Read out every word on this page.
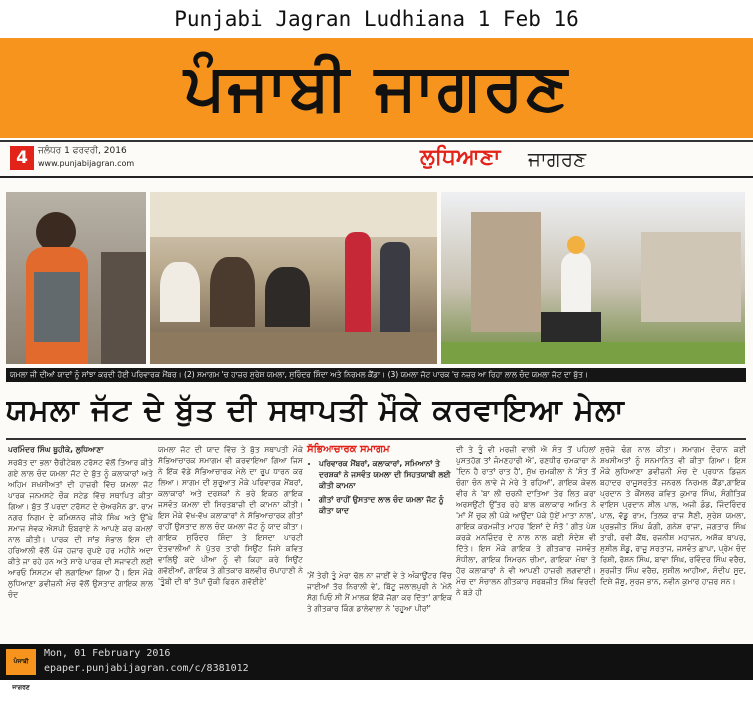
Punjabi Jagran Ludhiana 1 Feb 16
ਪੰਜਾਬੀ ਜਾਗਰਣ
4	ਜਲੰਧਰ 1 ਫਰਵਰੀ, 2016
www.punjabijagran.com	ਲੁਧਿਆਣਾ ਜਾਗਰਣ
ਯਮਲਾ ਜੀ ਦੀਆਂ ਯਾਦਾਂ ਨੂੰ ਸਾਂਝਾ ਕਰਦੀ ਹੋਈ ਪਰਿਵਾਰਕ ਮੈਂਬਰ। (2) ਸਮਾਗਮ 'ਚ ਹਾਜ਼ਰ ਸੁਰੇਸ਼ ਯਮਲਾ, ਸੁਰਿੰਦਰ ਸ਼ਿੰਦਾ ਅਤੇ ਨਿਰਮਲ ਕੈਂਡਾ। (3) ਯਮਲਾ ਜੱਟ ਪਾਰਕ 'ਚ ਨਜ਼ਰ ਆ ਰਿਹਾ ਲਾਲ ਚੰਦ ਯਮਲਾ ਜੱਟ ਦਾ ਬੁੱਤ।
ਯਮਲਾ ਜੱਟ ਦੇ ਬੁੱਤ ਦੀ ਸਥਾਪਤੀ ਮੌਕੇ ਕਰਵਾਇਆ ਮੇਲਾ
ਪਰਮਿੰਦਰ ਸਿੰਘ ਥੂਹੀਕੇ, ਲੁਧਿਆਣਾ
ਸਰਬੱਤ ਦਾ ਭਲਾ ਚੈਰੀਟੇਬਲ ਟਰੱਸਟ ਵੱਲੋਂ ਤਿਆਰ ਕੀਤੇ ਗਏ ਲਾਲ ਚੰਦ ਯਮਲਾ ਜੱਟ ਦੇ ਬੁੱਤ ਨੂੰ ਕਲਾਕਾਰਾਂ ਅਤੇ ਅਹਿਮ ਸ਼ਖਸੀਅਤਾਂ ਦੀ ਹਾਜ਼ਰੀ ਵਿੱਚ ਯਮਲਾ ਜੱਟ ਪਾਰਕ ਜਨਮਸਟੇ ਚੌਕ ਸਟੇਡ ਵਿੱਚ ਸਥਾਪਿਤ ਕੀਤਾ ਗਿਆ। ਬੁੱਤ ਤੋਂ ਪਰਦਾ ਟਰੱਸਟ ਦੇ ਚੇਅਰਮੈਨ ਡਾ. ਰਾਮ ਨਗਰ ਨਿਗਮ ਦੇ ਕਮਿਸ਼ਨਰ ਜੀਕੇ ਸਿੰਘ ਅਤੇ ਉੱਘੇ ਸਮਾਜ ਸੇਵਕ ਐਸਪੀ ਓਬਰਾਏ ਨੇ ਆਪਣੇ ਕਰ ਕਮਲਾਂ ਨਾਲ ਕੀਤੀ। ਪਾਰਕ ਦੀ ਸਾਂਭ ਸੰਭਾਲ ਇਸ ਦੀ ਹਰਿਆਲੀ ਵੱਲੋਂ ਪੰਜ ਹਜ਼ਾਰ ਰੁਪਏ ਹਰ ਮਹੀਨੇ ਅਦਾ ਕੀਤੇ ਜਾ ਰਹੇ ਹਨ ਅਤੇ ਸਾਰੇ ਪਾਰਕ ਦੀ ਸਜਾਵਟੀ ਲਈ ਆਰਓ ਸਿਸਟਮ ਵੀ ਲਗਾਇਆ ਗਿਆ ਹੈ। ਇਸ ਮੌਕੇ ਲੁਧਿਆਣਾ ਡਵੀਜ਼ਨੀ ਮੰਚ ਵੱਲੋਂ ਉਸਤਾਦ ਗਾਇਕ ਲਾਲ ਚੰਦ
ਯਮਲਾ ਜੱਟ ਦੀ ਯਾਦ ਵਿੱਚ ਤੇ ਬੁੱਤ ਸਥਾਪਤੀ ਮੌਕੇ ਸੱਭਿਆਚਾਰਕ ਸਮਾਗਮ ਵੀ ਕਰਵਾਇਆ ਗਿਆ ਜਿਸ ਨੇ ਇੱਕ ਵੱਡੇ ਸੱਭਿਆਚਾਰਕ ਮੇਲੇ ਦਾ ਰੂਪ ਧਾਰਨ ਕਰ ਲਿਆ। ਸਾਗਮ ਦੀ ਸ਼ੁਰੂਆਤ ਮੌਕੇ ਪਰਿਵਾਰਕ ਮੈਂਬਰਾਂ, ਕਲਾਕਾਰਾਂ ਅਤੇ ਦਰਸ਼ਕਾਂ ਨੇ ਭਰੇ ਇਕਠ ਗਾਇਕ ਜਸਵੰਤ ਯਮਲਾ ਦੀ ਸਿਰਤਬਾਜ਼ੀ ਦੀ ਕਾਮਨਾ ਕੀਤੀ। ਇਸ ਮੌਕੇ ਵੱਖ-ਵੱਖ ਕਲਾਕਾਰਾਂ ਨੇ ਸੱਭਿਆਚਾਰਕ ਗੀਤਾਂ ਰਾਹੀਂ ਉਸਤਾਦ ਲਾਲ ਚੰਦ ਯਮਲਾ ਜੱਟ ਨੂੰ ਯਾਦ ਕੀਤਾ। ਗਾਇਕ ਸੁਰਿੰਦਰ ਸ਼ਿੰਦਾ ਤੇ ਇਸਦਾ ਪਾਰਟੀ ਦੇਤਵਾਲੀਆਂ ਨੇ ਪੁੱਤਰ ਤਾਰੀ ਸਿਉਂਟ ਜਿਸੇ ਕਵਿਤ ਵਾਲਿਉ ਕਦੇ ਪੀਆ ਨੂੰ ਵੀ ਕਿਹਾ ਕਰੇ ਸਿਉਂਟ ਗਵੱਈਆਂ, ਗਾਇਕ ਤੇ ਗੀਤਕਾਰ ਬਲਵੀਰ ਚੋਪਾਹਾਣੀ ਨੇ 'ਤੂੰਬੀ ਦੀ ਥਾਂ ਤੋਪਾਂ ਚੁੱਕੀ ਫਿਰਨ ਗਵੱਈਏ'
ਸੱਭਿਆਚਾਰਕ ਸਮਾਗਮ
• ਪਰਿਵਾਰਕ ਮੈਂਬਰਾਂ, ਕਲਾਕਾਰਾਂ, ਸਮਿਆਨਾਂ ਤੇ ਦਰਸ਼ਕਾਂ ਨੇ ਜਸਵੰਤ ਯਮਲਾ ਦੀ ਸਿਹਤਯਾਬੀ ਲਈ ਕੀਤੀ ਕਾਮਨਾ
• ਗੀਤਾਂ ਰਾਹੀਂ ਉਸਤਾਦ ਲਾਲ ਚੰਦ ਯਮਲਾ ਜੱਟ ਨੂੰ ਕੀਤਾ ਯਾਦ
'ਮੈਂ ਤੇਰੀ ਤੂੰ ਮੇਰਾ ਢੋਲ ਨਾ ਜਾਈਂ ਵੇ ਤੇ ਅੰਕਾਊਂਟਰ ਵਿੱਚ ਜਾਈਆਂ ਤੋਰ ਨਿਰਾਲੀ ਵੇ', ਬਿੱਟੂ ਜਲਾਲਪੁਰੀ ਨੇ 'ਮੇਨੋ ਸੋਗ ਪਿਓ ਸੀ ਮੈਂ ਮਾਲਕ ਇੱਕੋ ਜੋਗਾ ਕਰ ਦਿੱਤਾ' ਗਾਇਕ ਤੇ ਗੀਤਕਾਰ ਕਿੰਗ ਡਾਲੇਵਾਲਾ ਨੇ 'ਰਹੂਆ ਪੀਰਾਂ'
ਦੀ ਤੇ ਤੂੰ ਵੀ ਮਰਜ਼ੀ ਵਾਲੀ ਐ ਸੰਤ ਤੋਂ ਪਹਿਲਾਂ ਪੁਸਤਹੋਗ ਤਾਂ ਜੰਮਣਹਾਰੀ ਐ', ਰਣਧੀਰ ਚਮਕਾਰਾ ਨੇ 'ਦਿਨ ਹੈ ਰਾਤਾਂ ਰਾਤ ਹੈ', ਸੁੱਖ ਚਮਕੀਲਾ ਨੇ 'ਸੰਤ ਤੋਂ ਚੰਗਾ ਚੰਨ ਲਾਵੇ ਜੇ ਮੇਰੇ ਤੇ ਰਹਿਆਂ', ਗਾਇਕ ਕੇਵਲ ਵੀਰ ਨੇ 'ਬਾ ਲੀ ਚਰਨੀ ਦਾਤਿਆ ਤੇਰ ਲਿਤ ਕਰਾ ਅਰਸਉਂਟੀ ਉੱਤਰ ਰਹੇ ਬਾਲ ਕਲਾਕਾਰ ਅਮਿਤ ਨੇ 'ਮਾਂ ਮੈਂ ਚੁਕ ਲੀ ਪੱਕੇ ਆਉਂਦਾ ਪੱਕੇ ਧੁੱਏਂ ਮਾਤਾ ਨਾਲ', ਗਾਇਕ ਕਰਮਜੀਤ ਮਾਹਰ 'ਇਸਾਂ ਦੇ ਸੰਤੋ ' ਗੀਤ ਪੇਸ਼ ਕਰਕੇ ਮਨਜ਼ਿੰਦਰ ਦੇ ਨਾਲ ਨਾਲ ਕਈ ਸੰਦੇਸ਼ ਵੀ ਦਿੱਤੇ। ਇਸ ਮੌਕੇ ਗਾਇਕ ਤੇ ਗੀਤਕਾਰ ਜਸਵੰਤ ਸੰਧੀਲਾ, ਗਾਇਕ ਸਿਮਰਨ ਚੀਮਾ, ਗਾਇਕਾ ਮੰਥਾ ਤੇ ਹੋਰ ਕਲਾਕਾਰਾਂ ਨੇ ਵੀ ਆਪਣੀ ਹਾਜ਼ਰੀ ਲਗਵਾਈ। ਮੰਚ ਦਾ ਸੰਚਾਲਨ ਗੀਤਕਾਰ ਸਰਬਜੀਤ ਸਿੰਘ ਵਿਰਦੀ ਨੇ ਬੜੇ ਹੀ
ਸੁਚੱਜੇ ਢੰਗ ਨਾਲ ਕੀਤਾ। ਸਮਾਗਮ ਦੌਰਾਨ ਕਈ ਸ਼ਖਸੀਅਤਾਂ ਨੂੰ ਸਨਮਾਨਿਤ ਵੀ ਕੀਤਾ ਗਿਆ। ਇਸ ਮੌਕੇ ਲੁਧਿਆਣਾ ਡਵੀਜ਼ਨੀ ਮੰਚ ਦੇ ਪ੍ਰਧਾਨ ਡਿਜ਼ਨ ਬਹਾਦਰ ਰਾਜੂਸਰਤੰਤ ਜਨਰਲ ਨਿਰਮਲ ਕੈਂਡਾ,ਗਾਇਕ ਪ੍ਰਦਾਨ ਤੇ ਕੌਂਸਲਰ ਕਵਿਤ ਕੁਮਾਰ ਸਿੰਘ, ਸੰਗੀਤਿਕ ਵਾਇਸ ਪ੍ਰਦਾਨ ਸ਼ੀਲ ਪਾਲ, ਅਜੀ ਡੰਡ, ਜਿੰਦਰਿੰਦਰ ਪਾਲ, ਵੱਡੂ ਰਾਮ, ਤਿਲਕ ਰਾਜ ਸੈਣੀ, ਸੁਰੇਸ਼ ਯਮਲਾ, ਪ੍ਰਭਜੀਤ ਸਿੰਘ ਕੰਗੀ, ਗਨੇਸ਼ ਰਾਜਾ, ਜਗਤਾਰ ਸਿੰਘ ਤਾਰੀ, ਰਵੀ ਕੈਂਥ, ਰਜਨੀਸ਼ ਮਹਾਜਨ, ਅਸ਼ੋਕ ਥਾਪਰ, ਸੁਸ਼ੀਲ ਸ਼ੌਡੂ, ਰਾਜੂ ਸਰਤਾਜ, ਜਸਵੰਤ ਛਾਪਾ, ਪ੍ਰੇਮ ਚੰਦ ਰਿਸ਼ੀ, ਰੋਸ਼ਨ ਸਿੰਘ, ਬਾਵਾ ਸਿੰਘ, ਰਵਿੰਦਰ ਸਿੰਘ ਵਰੈਚ, ਸੁਰਜੀਤ ਸਿੰਘ ਵਰੈਚ, ਸੁਸ਼ੀਲ ਆਹੀਆ, ਸੰਦੀਪ ਸੂਦ, ਦਿਸ਼ੇ ਜੋਸ਼ੂ, ਸੁਰਜ ਭਾਨ, ਨਵੀਨ ਕੁਮਾਰ ਹਾਜ਼ਰ ਸਨ।
ਪੰਜਾਬੀ ਜਾਗਰਣ
Mon, 01 February 2016
epaper.punjabijagran.com/c/8381012
